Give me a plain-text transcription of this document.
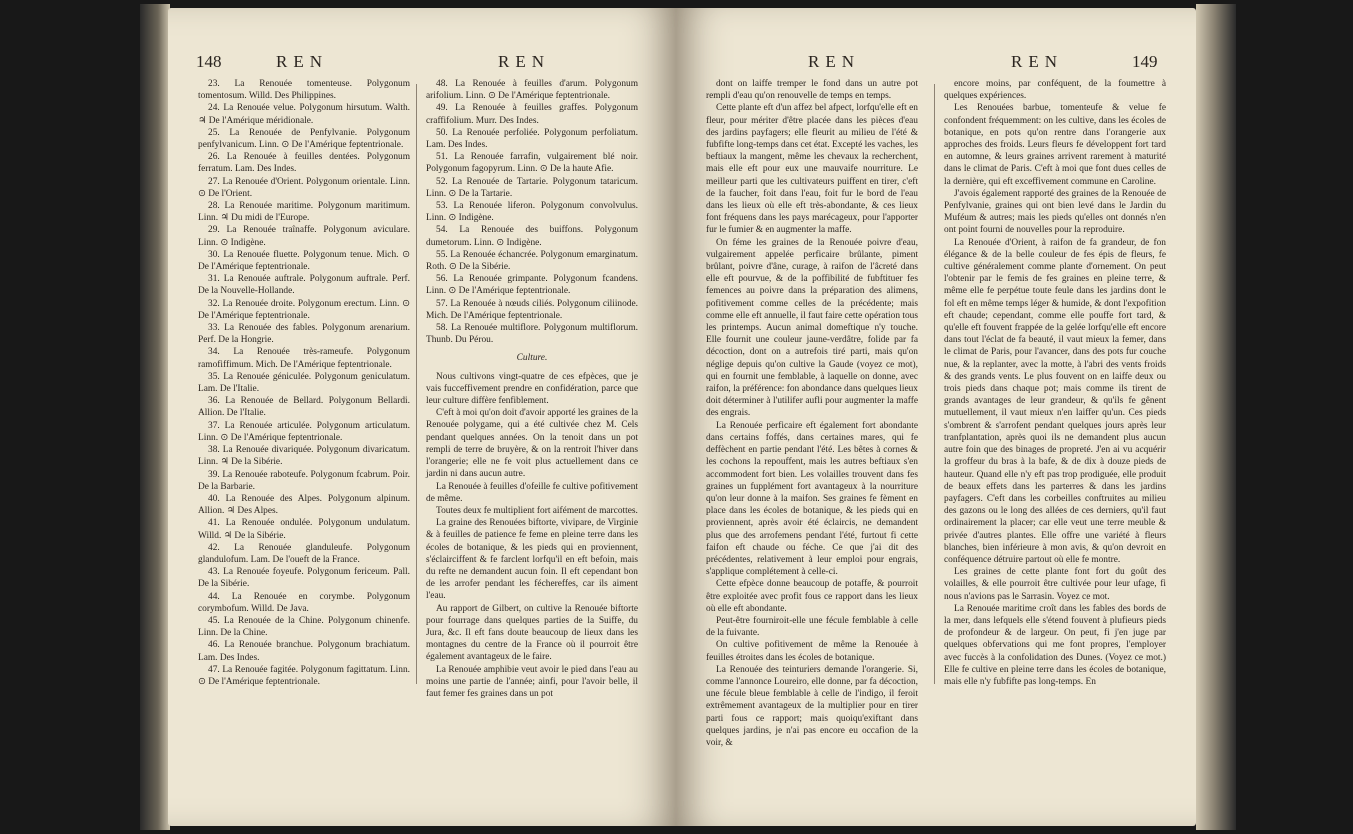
148	REN	REN

23. La Renouée tomenteuse. Polygonum tomentosum. Willd. Des Philippines.

24. La Renouée velue. Polygonum hirsutum. Walth. ♃ De l'Amérique méridionale.

25. La Renouée de Penfylvanie. Polygonum penfylvanicum. Linn. ⊙ De l'Amérique feptentrionale.

26. La Renouée à feuilles dentées. Polygonum ferratum. Lam. Des Indes.

27. La Renouée d'Orient. Polygonum orientale. Linn. ⊙ De l'Orient.

28. La Renouée maritime. Polygonum maritimum. Linn. ♃ Du midi de l'Europe.

29. La Renouée traînaffe. Polygonum aviculare. Linn. ⊙ Indigène.

30. La Renouée fluette. Polygonum tenue. Mich. ⊙ De l'Amérique feptentrionale.

31. La Renouée auftrale. Polygonum auftrale. Perf. De la Nouvelle-Hollande.

32. La Renouée droite. Polygonum erectum. Linn. ⊙ De l'Amérique feptentrionale.

33. La Renouée des fables. Polygonum arenarium. Perf. De la Hongrie.

34. La Renouée très-rameufe. Polygonum ramofiffimum. Mich. De l'Amérique feptentrionale.

35. La Renouée géniculée. Polygonum geniculatum. Lam. De l'Italie.

36. La Renouée de Bellard. Polygonum Bellardi. Allion. De l'Italie.

37. La Renouée articulée. Polygonum articulatum. Linn. ⊙ De l'Amérique feptentrionale.

38. La Renouée divariquée. Polygonum divaricatum. Linn. ♃ De la Sibérie.

39. La Renouée raboteufe. Polygonum fcabrum. Poir. De la Barbarie.

40. La Renouée des Alpes. Polygonum alpinum. Allion. ♃ Des Alpes.

41. La Renouée ondulée. Polygonum undulatum. Willd. ♃ De la Sibérie.

42. La Renouée glanduleufe. Polygonum glandulofum. Lam. De l'oueft de la France.

43. La Renouée foyeufe. Polygonum fericeum. Pall. De la Sibérie.

44. La Renouée en corymbe. Polygonum corymbofum. Willd. De Java.

45. La Renouée de la Chine. Polygonum chinenfe. Linn. De la Chine.

46. La Renouée branchue. Polygonum brachiatum. Lam. Des Indes.

47. La Renouée fagitée. Polygonum fagittatum. Linn. ⊙ De l'Amérique feptentrionale.

48. La Renouée à feuilles d'arum. Polygonum arifolium. Linn. ⊙ De l'Amérique feptentrionale.

49. La Renouée à feuilles graffes. Polygonum craffifolium. Murr. Des Indes.

50. La Renouée perfoliée. Polygonum perfoliatum. Lam. Des Indes.

51. La Renouée farrafin, vulgairement blé noir. Polygonum fagopyrum. Linn. ⊙ De la haute Afie.

52. La Renouée de Tartarie. Polygonum tataricum. Linn. ⊙ De la Tartarie.

53. La Renouée liferon. Polygonum convolvulus. Linn. ⊙ Indigène.

54. La Renouée des buiffons. Polygonum dumetorum. Linn. ⊙ Indigène.

55. La Renouée échancrée. Polygonum emarginatum. Roth. ⊙ De la Sibérie.

56. La Renouée grimpante. Polygonum fcandens. Linn. ⊙ De l'Amérique feptentrionale.

57. La Renouée à nœuds ciliés. Polygonum ciliinode. Mich. De l'Amérique feptentrionale.

58. La Renouée multiflore. Polygonum multiflorum. Thunb. Du Pérou.

Culture.

Nous cultivons vingt-quatre de ces efpèces, que je vais fucceffivement prendre en confidération, parce que leur culture diffère fenfiblement.

C'eft à moi qu'on doit d'avoir apporté les graines de la Renouée polygame, qui a été cultivée chez M. Cels pendant quelques années. On la tenoit dans un pot rempli de terre de bruyère, & on la rentroit l'hiver dans l'orangerie; elle ne fe voit plus actuellement dans ce jardin ni dans aucun autre.

La Renouée à feuilles d'ofeille fe cultive pofitivement de même.

Toutes deux fe multiplient fort aifément de marcottes.

La graine des Renouées biftorte, vivipare, de Virginie & à feuilles de patience fe feme en pleine terre dans les écoles de botanique, & les pieds qui en proviennent, s'éclairciffent & fe farclent lorfqu'il en eft befoin, mais du refte ne demandent aucun foin. Il eft cependant bon de les arrofer pendant les féchereffes, car ils aiment l'eau.

Au rapport de Gilbert, on cultive la Renouée biftorte pour fourrage dans quelques parties de la Suiffe, du Jura, &c. Il eft fans doute beaucoup de lieux dans les montagnes du centre de la France où il pourroit être également avantageux de le faire.

La Renouée amphibie veut avoir le pied dans l'eau au moins une partie de l'année; ainfi, pour l'avoir belle, il faut femer fes graines dans un pot

REN	REN	149

dont on laiffe tremper le fond dans un autre pot rempli d'eau qu'on renouvelle de temps en temps.

Cette plante eft d'un affez bel afpect, lorfqu'elle eft en fleur, pour mériter d'être placée dans les pièces d'eau des jardins payfagers; elle fleurit au milieu de l'été & fubfifte long-temps dans cet état. Excepté les vaches, les beftiaux la mangent, même les chevaux la recherchent, mais elle eft pour eux une mauvaife nourriture. Le meilleur parti que les cultivateurs puiffent en tirer, c'eft de la faucher, foit dans l'eau, foit fur le bord de l'eau dans les lieux où elle eft très-abondante, & ces lieux font fréquens dans les pays marécageux, pour l'apporter fur le fumier & en augmenter la maffe.

On féme les graines de la Renouée poivre d'eau, vulgairement appelée perficaire brûlante, piment brûlant, poivre d'âne, curage, à raifon de l'âcreté dans elle eft pourvue, & de la poffibilité de fubftituer fes femences au poivre dans la préparation des alimens, pofitivement comme celles de la précédente; mais comme elle eft annuelle, il faut faire cette opération tous les printemps. Aucun animal domeftique n'y touche. Elle fournit une couleur jaune-verdâtre, folide par fa décoction, dont on a autrefois tiré parti, mais qu'on néglige depuis qu'on cultive la Gaude (voyez ce mot), qui en fournit une femblable, à laquelle on donne, avec raifon, la préférence: fon abondance dans quelques lieux doit déterminer à l'utilifer aufli pour augmenter la maffe des engrais.

La Renouée perficaire eft également fort abondante dans certains foffés, dans certaines mares, qui fe deffèchent en partie pendant l'été. Les bêtes à cornes & les cochons la repouffent, mais les autres beftiaux s'en accommodent fort bien. Les volailles trouvent dans fes graines un fupplément fort avantageux à la nourriture qu'on leur donne à la maifon. Ses graines fe fèment en place dans les écoles de botanique, & les pieds qui en proviennent, après avoir été éclaircis, ne demandent plus que des arrofemens pendant l'été, furtout fi cette faifon eft chaude ou féche. Ce que j'ai dit des précédentes, relativement à leur emploi pour engrais, s'applique complétement à celle-ci.

Cette efpèce donne beaucoup de potaffe, & pourroit être exploitée avec profit fous ce rapport dans les lieux où elle eft abondante.

Peut-être fourniroit-elle une fécule femblable à celle de la fuivante.

On cultive pofitivement de même la Renouée à feuilles étroites dans les écoles de botanique.

La Renouée des teinturiers demande l'orangerie. Si, comme l'annonce Loureiro, elle donne, par fa décoction, une fécule bleue femblable à celle de l'indigo, il feroit extrêmement avantageux de la multiplier pour en tirer parti fous ce rapport; mais quoiqu'exiftant dans quelques jardins, je n'ai pas encore eu occafion de la voir, &

encore moins, par conféquent, de la foumettre à quelques expériences.

Les Renouées barbue, tomenteufe & velue fe confondent fréquemment: on les cultive, dans les écoles de botanique, en pots qu'on rentre dans l'orangerie aux approches des froids. Leurs fleurs fe développent fort tard en automne, & leurs graines arrivent rarement à maturité dans le climat de Paris. C'eft à moi que font dues celles de la dernière, qui eft exceffivement commune en Caroline.

J'avois également rapporté des graines de la Renouée de Penfylvanie, graines qui ont bien levé dans le Jardin du Muféum & autres; mais les pieds qu'elles ont donnés n'en ont point fourni de nouvelles pour la reproduire.

La Renouée d'Orient, à raifon de fa grandeur, de fon élégance & de la belle couleur de fes épis de fleurs, fe cultive généralement comme plante d'ornement. On peut l'obtenir par le femis de fes graines en pleine terre, & même elle fe perpétue toute feule dans les jardins dont le fol eft en même temps léger & humide, & dont l'expofition eft chaude; cependant, comme elle pouffe fort tard, & qu'elle eft fouvent frappée de la gelée lorfqu'elle eft encore dans tout l'éclat de fa beauté, il vaut mieux la femer, dans le climat de Paris, pour l'avancer, dans des pots fur couche nue, & la replanter, avec la motte, à l'abri des vents froids & des grands vents. Le plus fouvent on en laiffe deux ou trois pieds dans chaque pot; mais comme ils tirent de grands avantages de leur grandeur, & qu'ils fe gênent mutuellement, il vaut mieux n'en laiffer qu'un. Ces pieds s'ombrent & s'arrofent pendant quelques jours après leur tranfplantation, après quoi ils ne demandent plus aucun autre foin que des binages de propreté. J'en ai vu acquérir la groffeur du bras à la bafe, & de dix à douze pieds de hauteur. Quand elle n'y eft pas trop prodiguée, elle produit de beaux effets dans les parterres & dans les jardins payfagers. C'eft dans les corbeilles conftruites au milieu des gazons ou le long des allées de ces derniers, qu'il faut ordinairement la placer; car elle veut une terre meuble & privée d'autres plantes. Elle offre une variété à fleurs blanches, bien inférieure à mon avis, & qu'on devroit en conféquence détruire partout où elle fe montre.

Les graines de cette plante font fort du goût des volailles, & elle pourroit être cultivée pour leur ufage, fi nous n'avions pas le Sarrasin. Voyez ce mot.

La Renouée maritime croît dans les fables des bords de la mer, dans lefquels elle s'étend fouvent à plufieurs pieds de profondeur & de largeur. On peut, fi j'en juge par quelques obfervations qui me font propres, l'employer avec fuccès à la confolidation des Dunes. (Voyez ce mot.) Elle fe cultive en pleine terre dans les écoles de botanique, mais elle n'y fubfifte pas long-temps. En
